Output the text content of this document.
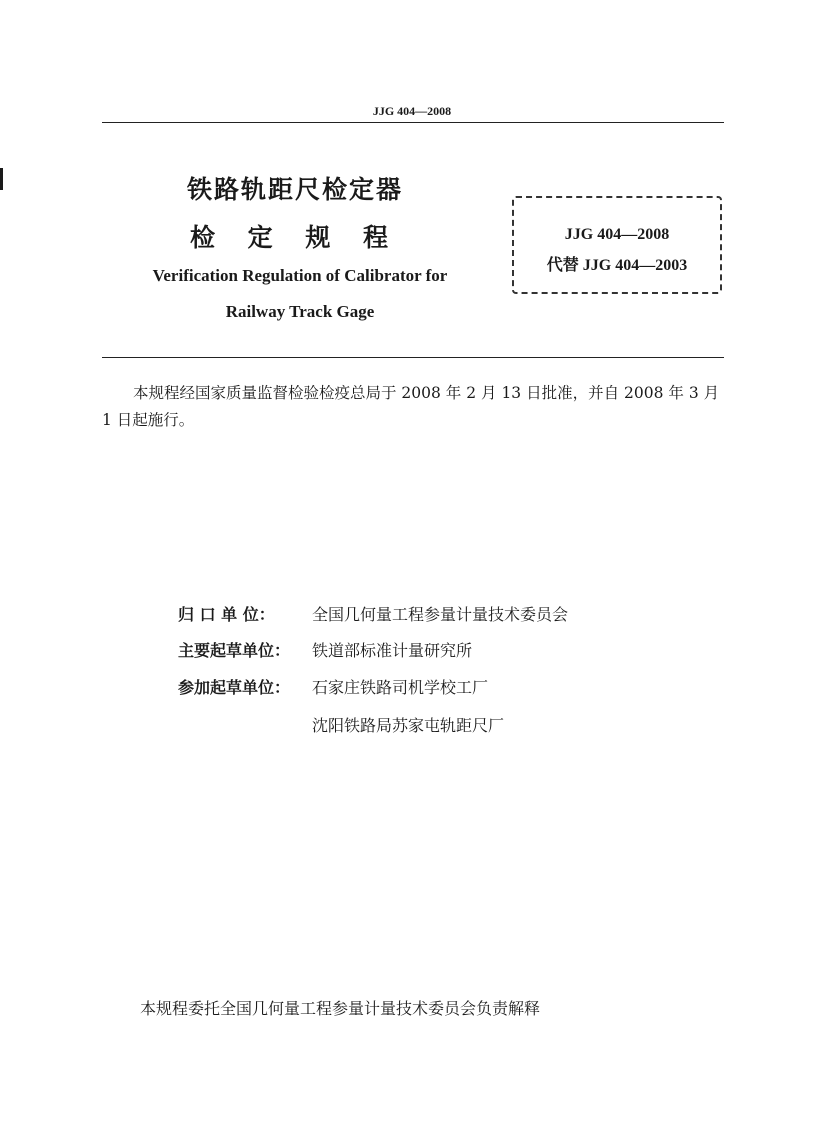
JJG 404—2008
铁路轨距尺检定器
检 定 规 程
Verification Regulation of Calibrator for
Railway Track Gage
JJG 404—2008
代替 JJG 404—2003
本规程经国家质量监督检验检疫总局于 2008 年 2 月 13 日批准，并自 2008 年 3 月 1 日起施行。
归 口 单 位： 全国几何量工程参量计量技术委员会
主要起草单位： 铁道部标准计量研究所
参加起草单位： 石家庄铁路司机学校工厂
沈阳铁路局苏家屯轨距尺厂
本规程委托全国几何量工程参量计量技术委员会负责解释
